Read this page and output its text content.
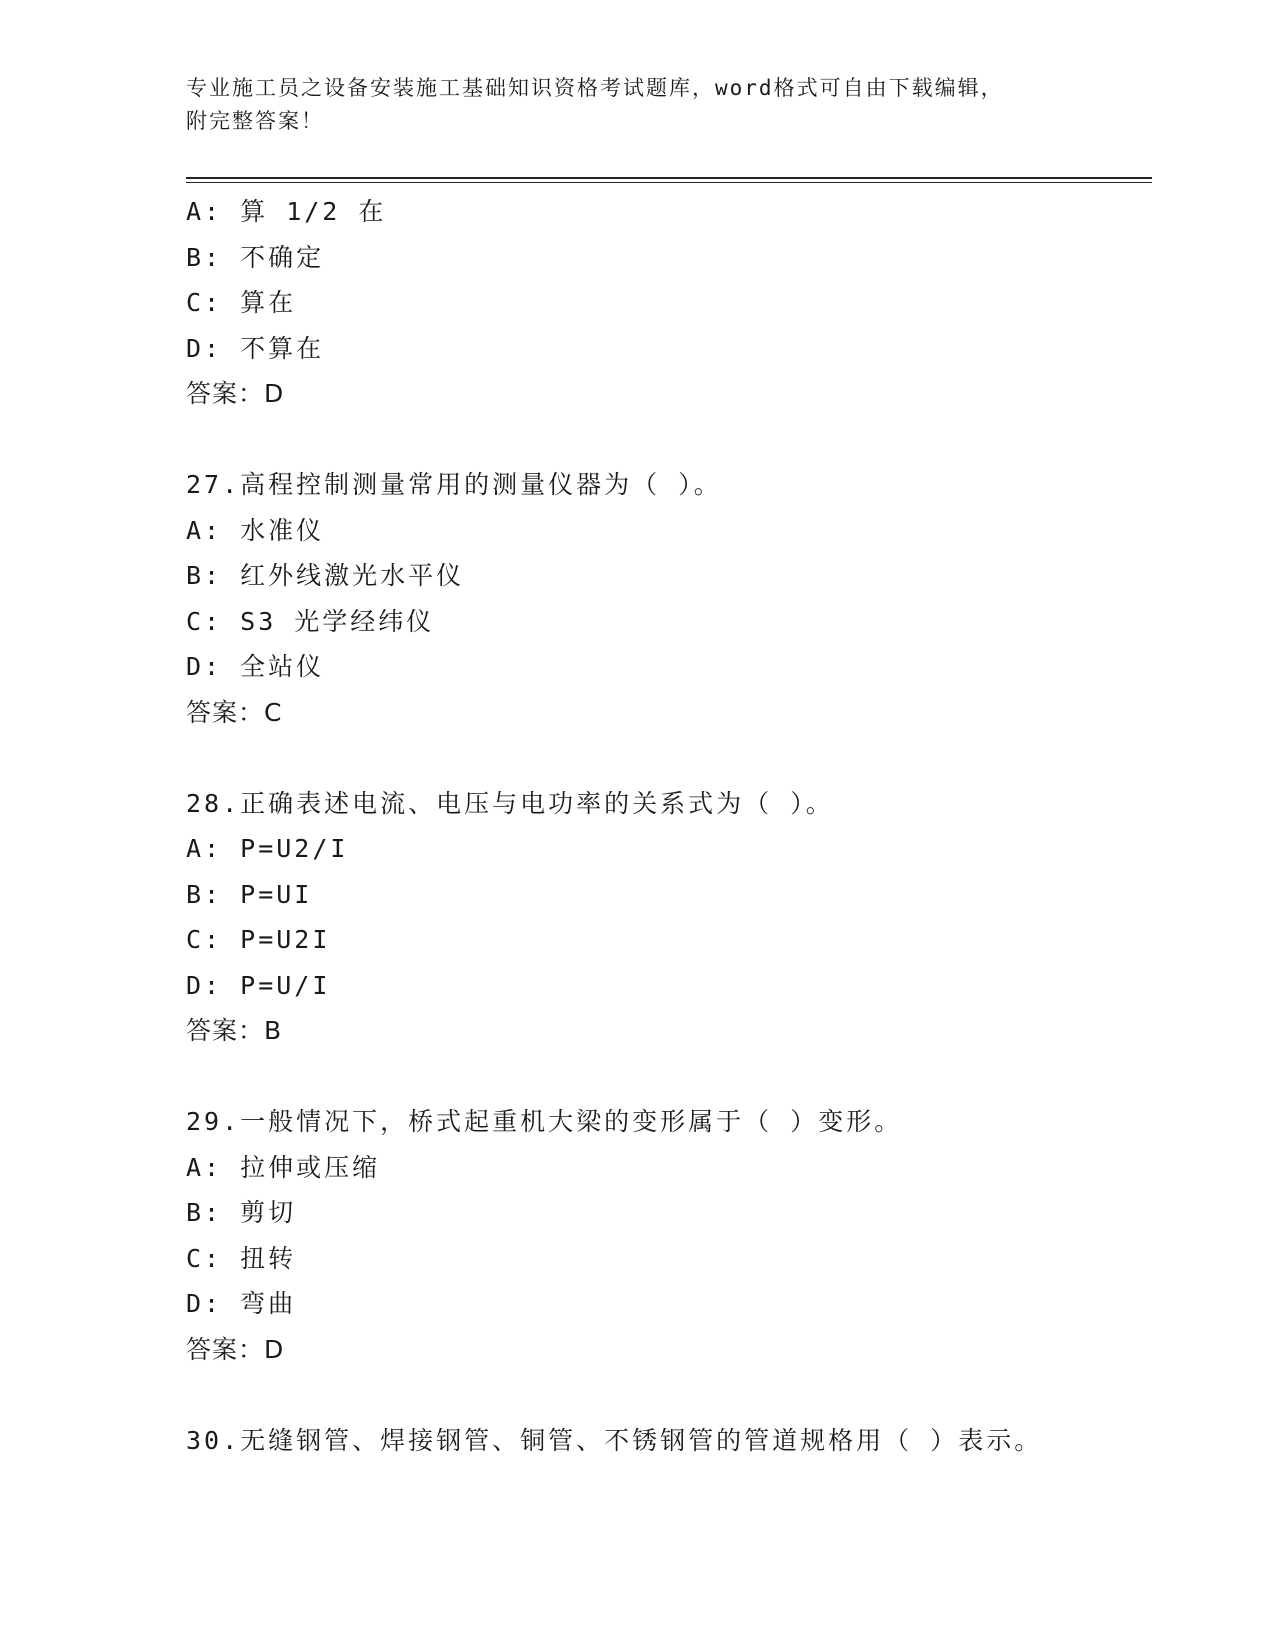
专业施工员之设备安装施工基础知识资格考试题库，word格式可自由下载编辑，
附完整答案！
A: 算 1/2 在
B: 不确定
C: 算在
D: 不算在
答案：D
27.高程控制测量常用的测量仪器为（ ）。
A: 水准仪
B: 红外线激光水平仪
C: S3 光学经纬仪
D: 全站仪
答案：C
28.正确表述电流、电压与电功率的关系式为（ ）。
A: P=U2/I
B: P=UI
C: P=U2I
D: P=U/I
答案：B
29.一般情况下，桥式起重机大梁的变形属于（ ）变形。
A: 拉伸或压缩
B: 剪切
C: 扭转
D: 弯曲
答案：D
30.无缝钢管、焊接钢管、铜管、不锈钢管的管道规格用（ ）表示。
